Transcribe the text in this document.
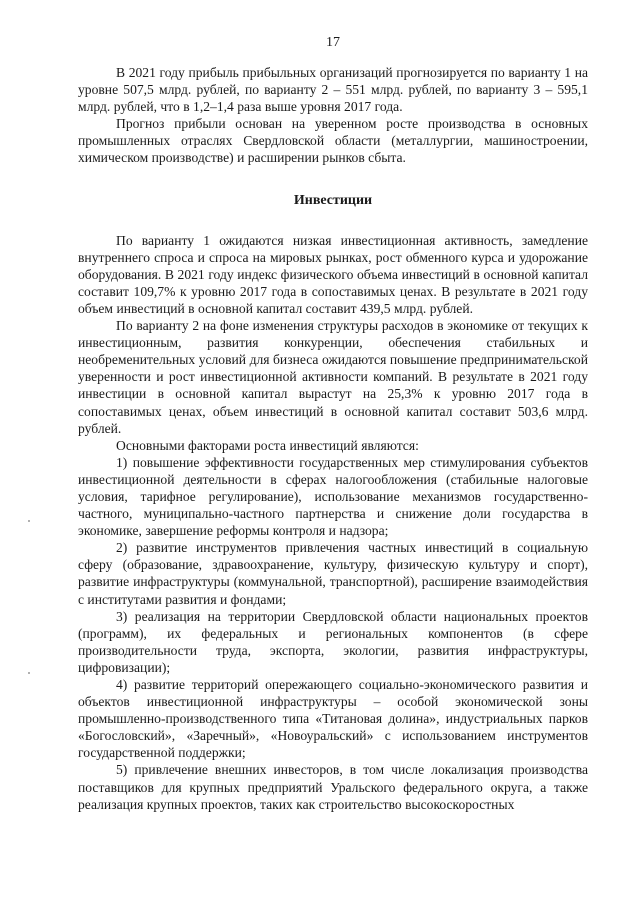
17

В 2021 году прибыль прибыльных организаций прогнозируется по варианту 1 на уровне 507,5 млрд. рублей, по варианту 2 – 551 млрд. рублей, по варианту 3 – 595,1 млрд. рублей, что в 1,2–1,4 раза выше уровня 2017 года.

Прогноз прибыли основан на уверенном росте производства в основных промышленных отраслях Свердловской области (металлургии, машиностроении, химическом производстве) и расширении рынков сбыта.

Инвестиции

По варианту 1 ожидаются низкая инвестиционная активность, замедление внутреннего спроса и спроса на мировых рынках, рост обменного курса и удорожание оборудования. В 2021 году индекс физического объема инвестиций в основной капитал составит 109,7% к уровню 2017 года в сопоставимых ценах. В результате в 2021 году объем инвестиций в основной капитал составит 439,5 млрд. рублей.

По варианту 2 на фоне изменения структуры расходов в экономике от текущих к инвестиционным, развития конкуренции, обеспечения стабильных и необременительных условий для бизнеса ожидаются повышение предпринимательской уверенности и рост инвестиционной активности компаний. В результате в 2021 году инвестиции в основной капитал вырастут на 25,3% к уровню 2017 года в сопоставимых ценах, объем инвестиций в основной капитал составит 503,6 млрд. рублей.

Основными факторами роста инвестиций являются:

1) повышение эффективности государственных мер стимулирования субъектов инвестиционной деятельности в сферах налогообложения (стабильные налоговые условия, тарифное регулирование), использование механизмов государственно-частного, муниципально-частного партнерства и снижение доли государства в экономике, завершение реформы контроля и надзора;

2) развитие инструментов привлечения частных инвестиций в социальную сферу (образование, здравоохранение, культуру, физическую культуру и спорт), развитие инфраструктуры (коммунальной, транспортной), расширение взаимодействия с институтами развития и фондами;

3) реализация на территории Свердловской области национальных проектов (программ), их федеральных и региональных компонентов (в сфере производительности труда, экспорта, экологии, развития инфраструктуры, цифровизации);

4) развитие территорий опережающего социально-экономического развития и объектов инвестиционной инфраструктуры – особой экономической зоны промышленно-производственного типа «Титановая долина», индустриальных парков «Богословский», «Заречный», «Новоуральский» с использованием инструментов государственной поддержки;

5) привлечение внешних инвесторов, в том числе локализация производства поставщиков для крупных предприятий Уральского федерального округа, а также реализация крупных проектов, таких как строительство высокоскоростных
